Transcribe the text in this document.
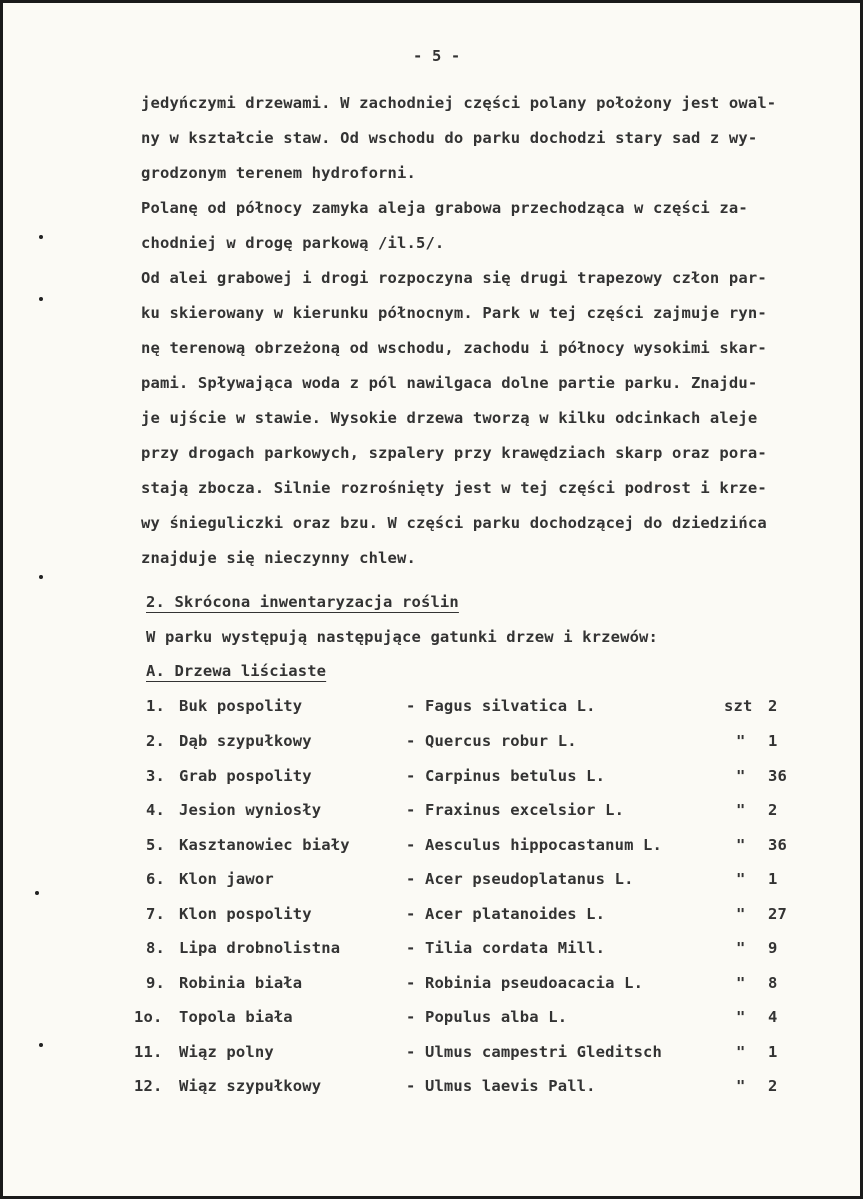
- 5 -
jedyńczymi drzewami. W zachodniej części polany położony jest owal-
ny w kształcie staw. Od wschodu do parku dochodzi stary sad z wy-
grodzonym terenem hydroforni.
Polanę od północy zamyka aleja grabowa przechodząca w części za-
chodniej w drogę parkową /il.5/.
Od alei grabowej i drogi rozpoczyna się drugi trapezowy człon par-
ku skierowany w kierunku północnym. Park w tej części zajmuje ryn-
nę terenową obrzeżoną od wschodu, zachodu i północy wysokimi skar-
pami. Spływająca woda z pól nawilgaca dolne partie parku. Znajdu-
je ujście w stawie. Wysokie drzewa tworzą w kilku odcinkach aleje
przy drogach parkowych, szpalery przy krawędziach skarp oraz pora-
stają zbocza. Silnie rozrośnięty jest w tej części podrost i krze-
wy śnieguliczki oraz bzu. W części parku dochodzącej do dziedzińca
znajduje się nieczynny chlew.
2. Skrócona inwentaryzacja roślin
W parku występują następujące gatunki drzew i krzewów:
A. Drzewa liściaste
1. Buk pospolity	- Fagus silvatica L.	szt 2
2. Dąb szypułkowy	- Quercus robur L.	" 1
3. Grab pospolity	- Carpinus betulus L.	" 36
4. Jesion wyniosły	- Fraxinus excelsior L.	" 2
5. Kasztanowiec biały	- Aesculus hippocastanum L.	" 36
6. Klon jawor	- Acer pseudoplatanus L.	" 1
7. Klon pospolity	- Acer platanoides L.	" 27
8. Lipa drobnolistna	- Tilia cordata Mill.	" 9
9. Robinia biała	- Robinia pseudoacacia L.	" 8
1o. Topola biała	- Populus alba L.	" 4
11. Wiąz polny	- Ulmus campestri Gleditsch	" 1
12. Wiąz szypułkowy	- Ulmus laevis Pall.	" 2
